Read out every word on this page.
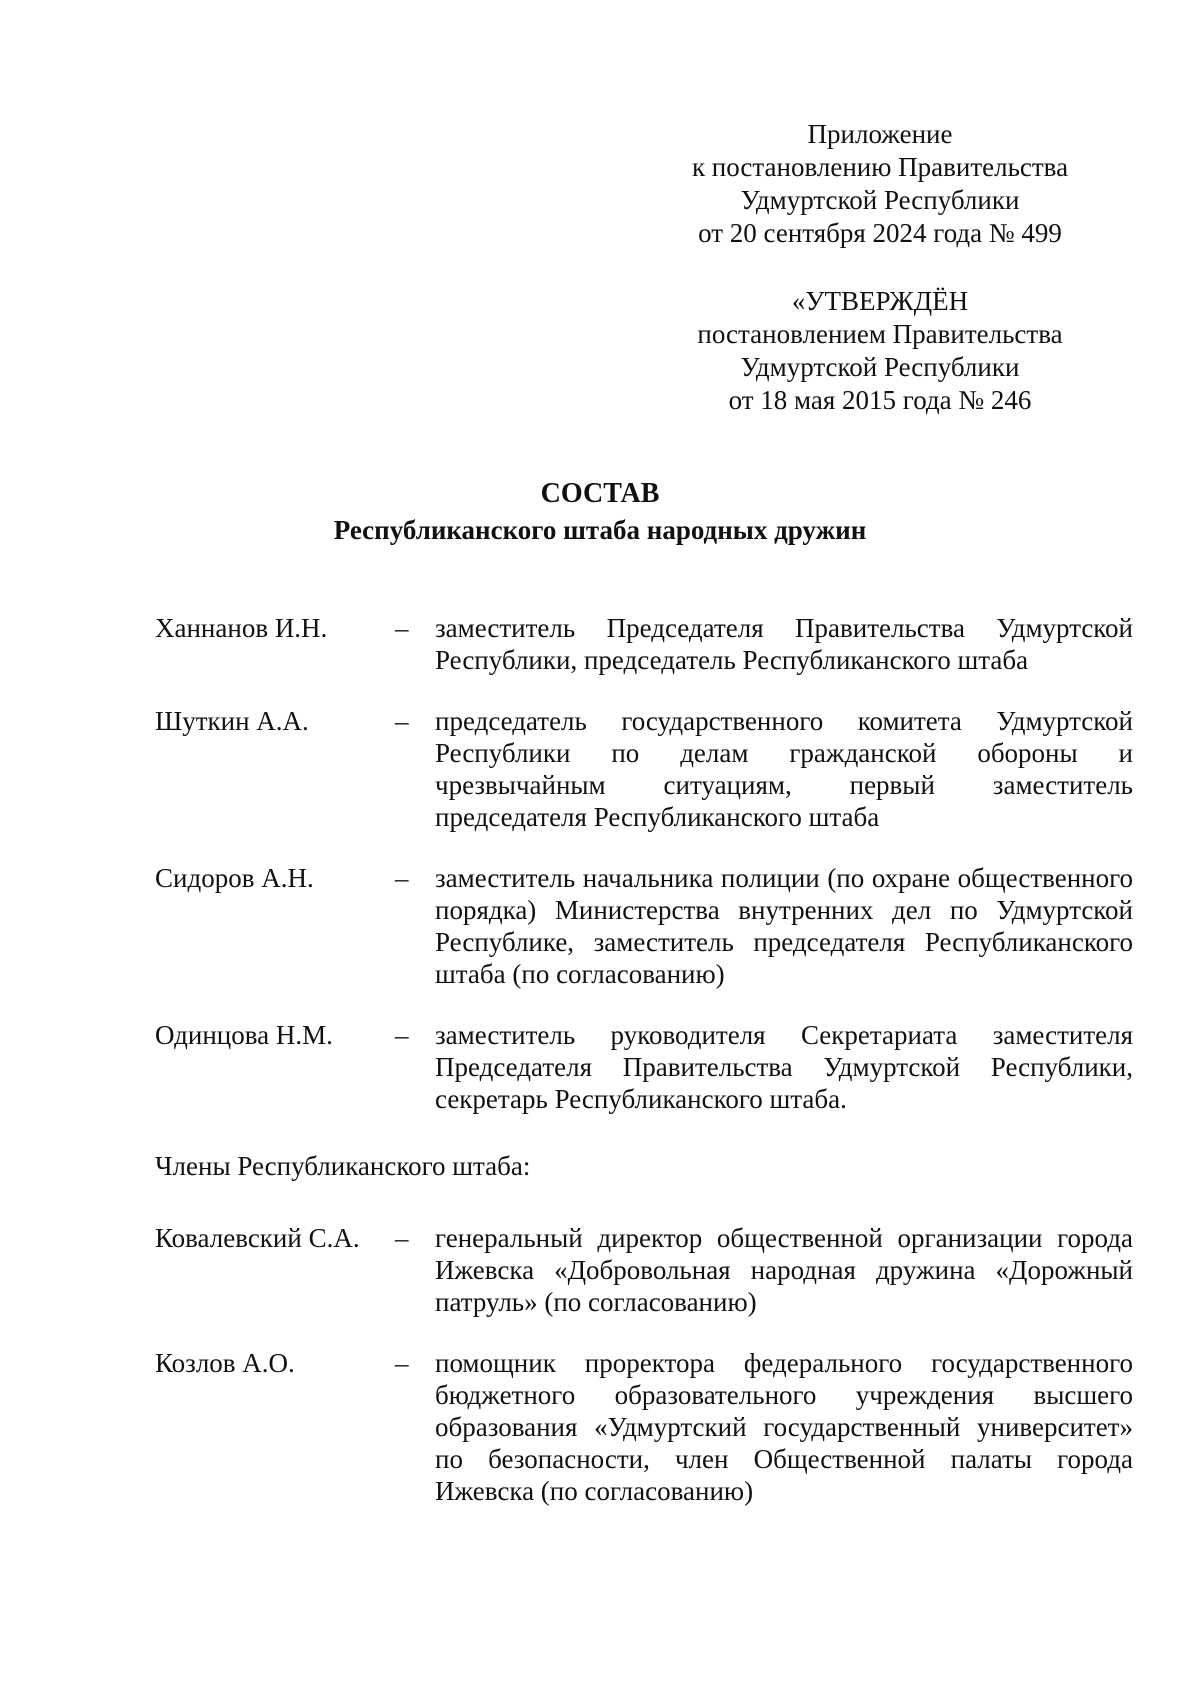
Приложение
к постановлению Правительства
Удмуртской Республики
от 20 сентября 2024 года № 499
«УТВЕРЖДЁН
постановлением Правительства
Удмуртской Республики
от 18 мая 2015 года № 246
СОСТАВ
Республиканского штаба народных дружин
Ханнанов И.Н.	– заместитель Председателя Правительства Удмуртской Республики, председатель Республиканского штаба
Шуткин А.А.	– председатель государственного комитета Удмуртской Республики по делам гражданской обороны и чрезвычайным ситуациям, первый заместитель председателя Республиканского штаба
Сидоров А.Н.	– заместитель начальника полиции (по охране общественного порядка) Министерства внутренних дел по Удмуртской Республике, заместитель председателя Республиканского штаба (по согласованию)
Одинцова Н.М.	– заместитель руководителя Секретариата заместителя Председателя Правительства Удмуртской Республики, секретарь Республиканского штаба.
Члены Республиканского штаба:
Ковалевский С.А.	– генеральный директор общественной организации города Ижевска «Добровольная народная дружина «Дорожный патруль» (по согласованию)
Козлов А.О.	– помощник проректора федерального государственного бюджетного образовательного учреждения высшего образования «Удмуртский государственный университет» по безопасности, член Общественной палаты города Ижевска (по согласованию)
